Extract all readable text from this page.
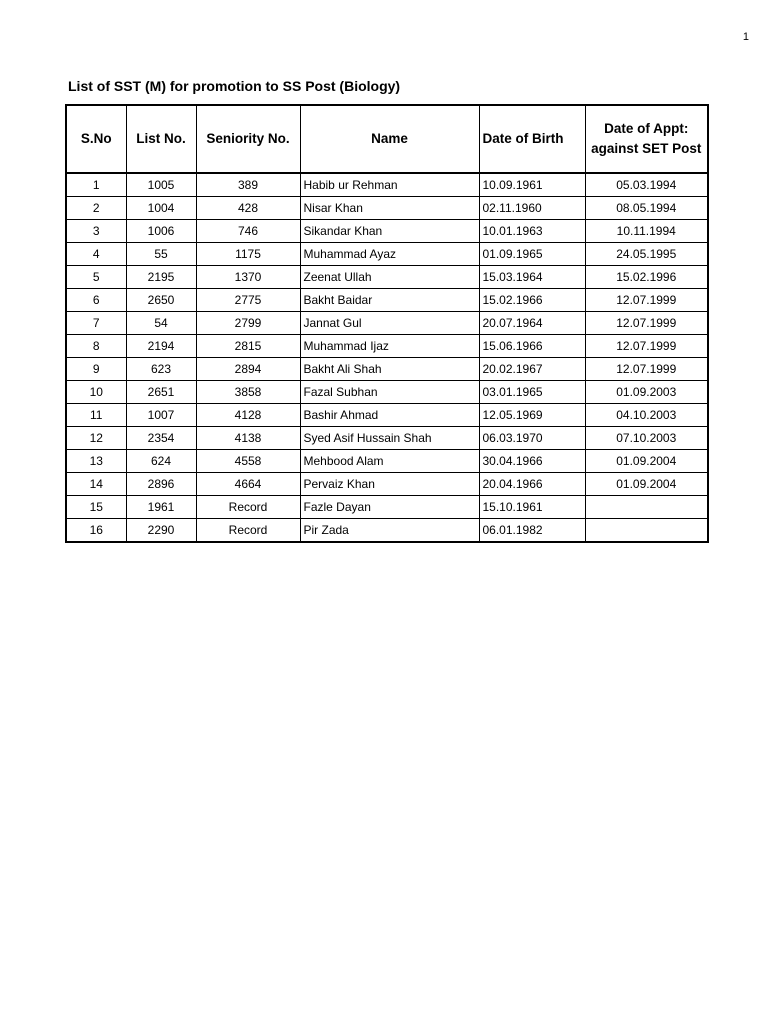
1
List of SST (M) for promotion to SS Post (Biology)
S.No	List No.	Seniority No.	Name	Date of Birth	Date of Appt:
against SET Post

1	1005	389	Habib ur Rehman	10.09.1961	05.03.1994
2	1004	428	Nisar Khan	02.11.1960	08.05.1994
3	1006	746	Sikandar Khan	10.01.1963	10.11.1994
4	55	1175	Muhammad Ayaz	01.09.1965	24.05.1995
5	2195	1370	Zeenat Ullah	15.03.1964	15.02.1996
6	2650	2775	Bakht Baidar	15.02.1966	12.07.1999
7	54	2799	Jannat Gul	20.07.1964	12.07.1999
8	2194	2815	Muhammad Ijaz	15.06.1966	12.07.1999
9	623	2894	Bakht Ali Shah	20.02.1967	12.07.1999
10	2651	3858	Fazal Subhan	03.01.1965	01.09.2003
11	1007	4128	Bashir Ahmad	12.05.1969	04.10.2003
12	2354	4138	Syed Asif Hussain Shah	06.03.1970	07.10.2003
13	624	4558	Mehbood Alam	30.04.1966	01.09.2004
14	2896	4664	Pervaiz Khan	20.04.1966	01.09.2004
15	1961	Record	Fazle Dayan	15.10.1961	
16	2290	Record	Pir Zada	06.01.1982	
